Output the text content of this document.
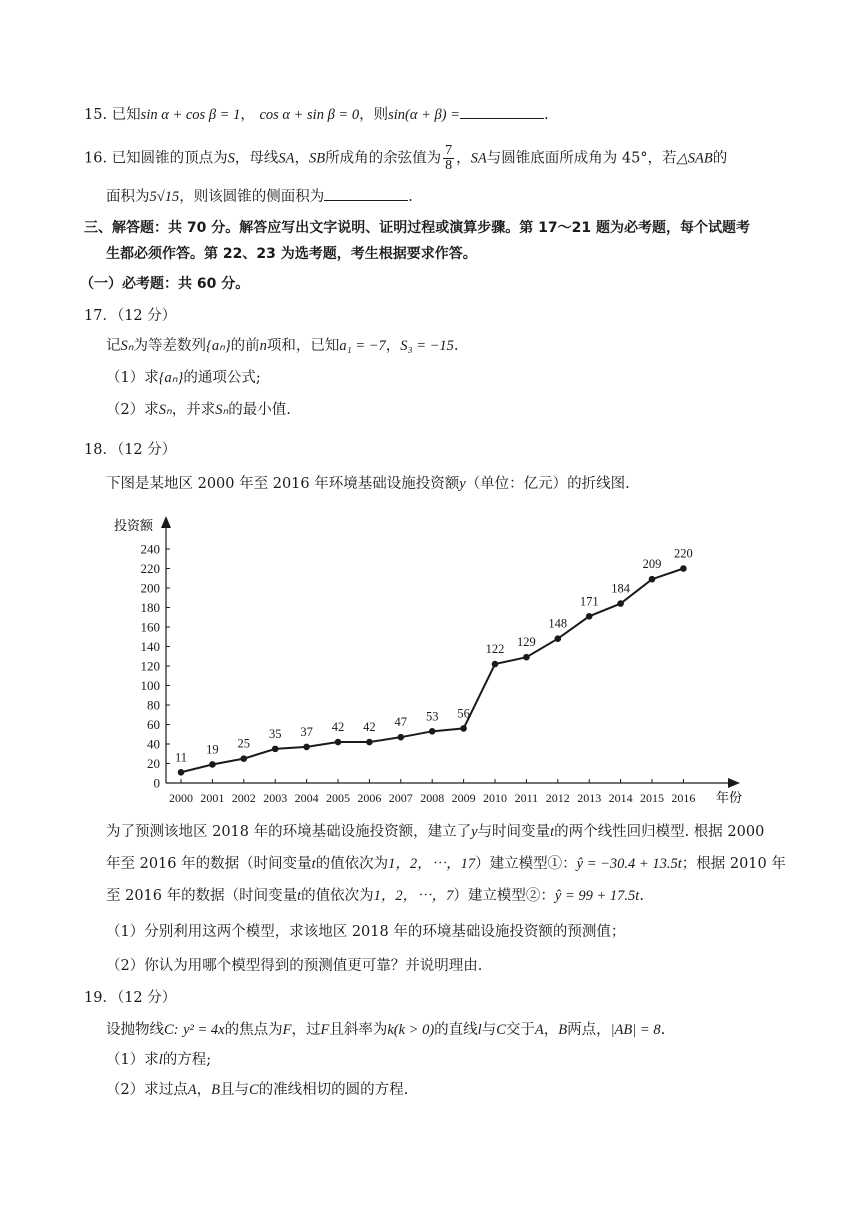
15. 已知sin α + cos β = 1， cos α + sin β = 0，则sin(α + β) =	.
16. 已知圆锥的顶点为S，母线SA，SB所成角的余弦值为 $\frac{7}{8}$ ，SA与圆锥底面所成角为 45°，若△SAB的
面积为5√15，则该圆锥的侧面积为	.
三、解答题：共 70 分。解答应写出文字说明、证明过程或演算步骤。第 17～21 题为必考题，每个试题考
生都必须作答。第 22、23 为选考题，考生根据要求作答。
（一）必考题：共 60 分。
17．（12 分）
记Sₙ为等差数列{aₙ}的前n项和，已知a₁ = −7，S₃ = −15.
（1）求{aₙ}的通项公式;
（2）求Sₙ，并求Sₙ的最小值.
18．（12 分）
下图是某地区 2000 年至 2016 年环境基础设施投资额y（单位：亿元）的折线图.
0
20
40
60
80
100
120
140
160
180
200
220
240
2000 2001 2002 2003 2004 2005 2006 2007 2008 2009 2010 2011 2012 2013 2014 2015 2016
11
19 25
35 37 42 42 47 53 56
122 129
148
171
184
209
220
投资额
年份
为了预测该地区 2018 年的环境基础设施投资额，建立了y与时间变量t的两个线性回归模型. 根据 2000
年至 2016 年的数据（时间变量t的值依次为1，2，⋯，17）建立模型①：ŷ = −30.4 + 13.5t；根据 2010 年
至 2016 年的数据（时间变量t的值依次为1，2，⋯，7）建立模型②：ŷ = 99 + 17.5t.
（1）分别利用这两个模型，求该地区 2018 年的环境基础设施投资额的预测值；
（2）你认为用哪个模型得到的预测值更可靠？并说明理由.
19．（12 分）
设抛物线C: y² = 4x的焦点为F，过F且斜率为k(k > 0)的直线l与C交于A，B两点，|AB| = 8.
（1）求l的方程;
（2）求过点A，B且与C的准线相切的圆的方程.
